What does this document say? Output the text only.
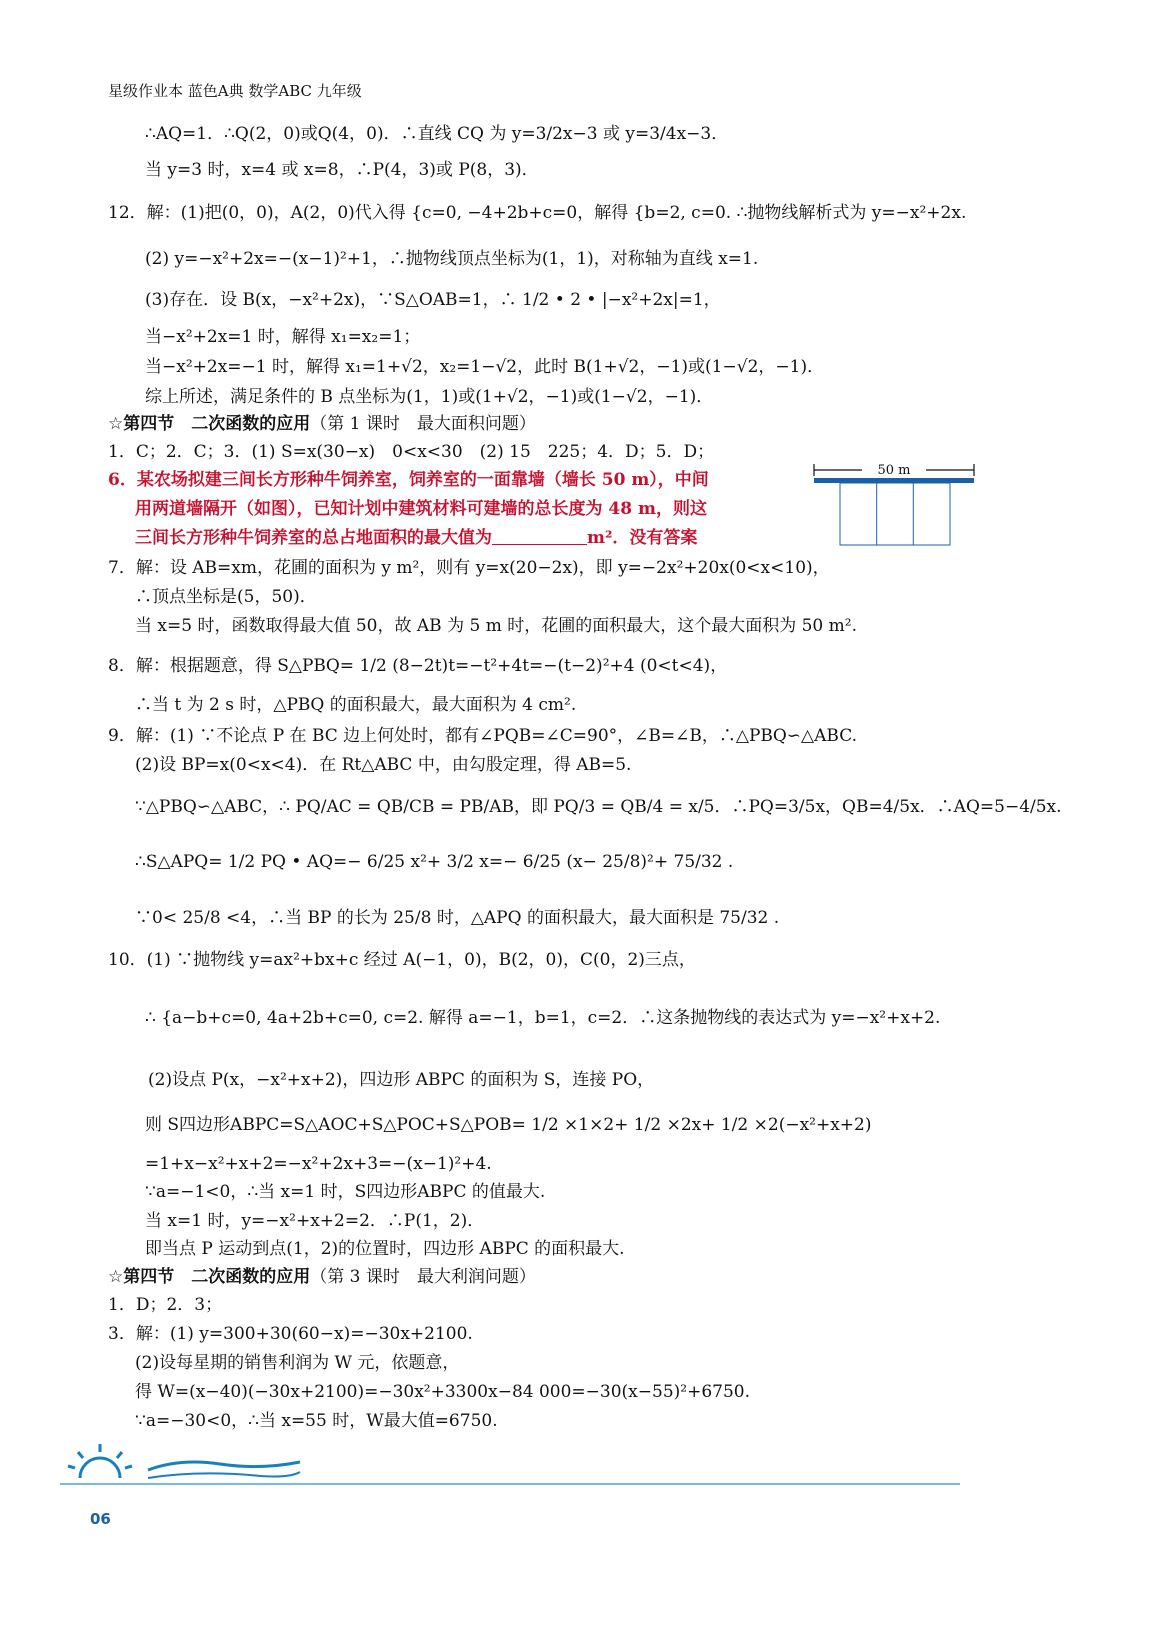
星级作业本 蓝色A典 数学ABC 九年级
∴AQ=1．∴Q(2，0)或Q(4，0)．∴直线 CQ 为 y=3/2x−3 或 y=3/4x−3．
当 y=3 时，x=4 或 x=8，∴P(4，3)或 P(8，3)．
12．解：(1)把(0，0)，A(2，0)代入得 {c=0, −4+2b+c=0，解得 {b=2, c=0. ∴抛物线解析式为 y=−x²+2x.
(2) y=−x²+2x=−(x−1)²+1，∴抛物线顶点坐标为(1，1)，对称轴为直线 x=1.
(3)存在．设 B(x，−x²+2x)，∵S△OAB=1，∴ 1/2 • 2 • |−x²+2x|=1，
当−x²+2x=1 时，解得 x₁=x₂=1；
当−x²+2x=−1 时，解得 x₁=1+√2，x₂=1−√2，此时 B(1+√2，−1)或(1−√2，−1)．
综上所述，满足条件的 B 点坐标为(1，1)或(1+√2，−1)或(1−√2，−1)．
☆第四节　二次函数的应用（第 1 课时　最大面积问题）
1．C；2．C；3．(1) S=x(30−x)　0<x<30　(2) 15　225；4．D；5．D；
6．某农场拟建三间长方形种牛饲养室，饲养室的一面靠墙（墙长 50 m），中间
用两道墙隔开（如图），已知计划中建筑材料可建墙的总长度为 48 m，则这
三间长方形种牛饲养室的总占地面积的最大值为	m²．没有答案
50 m
7．解：设 AB=xm，花圃的面积为 y m²，则有 y=x(20−2x)，即 y=−2x²+20x(0<x<10)，
∴顶点坐标是(5，50)．
当 x=5 时，函数取得最大值 50，故 AB 为 5 m 时，花圃的面积最大，这个最大面积为 50 m².
8．解：根据题意，得 S△PBQ= 1/2 (8−2t)t=−t²+4t=−(t−2)²+4 (0<t<4)，
∴当 t 为 2 s 时，△PBQ 的面积最大，最大面积为 4 cm².
9．解：(1) ∵不论点 P 在 BC 边上何处时，都有∠PQB=∠C=90°，∠B=∠B，∴△PBQ∽△ABC.
(2)设 BP=x(0<x<4)．在 Rt△ABC 中，由勾股定理，得 AB=5.
∵△PBQ∽△ABC，∴ PQ/AC = QB/CB = PB/AB，即 PQ/3 = QB/4 = x/5．∴PQ=3/5x，QB=4/5x．∴AQ=5−4/5x.
∴S△APQ= 1/2 PQ • AQ=− 6/25 x²+ 3/2 x=− 6/25 (x− 25/8)²+ 75/32 .
∵0< 25/8 <4，∴当 BP 的长为 25/8 时，△APQ 的面积最大，最大面积是 75/32 .
10．(1) ∵抛物线 y=ax²+bx+c 经过 A(−1，0)，B(2，0)，C(0，2)三点，
∴ {a−b+c=0, 4a+2b+c=0, c=2. 解得 a=−1，b=1，c=2．∴这条抛物线的表达式为 y=−x²+x+2.
(2)设点 P(x，−x²+x+2)，四边形 ABPC 的面积为 S，连接 PO，
则 S四边形ABPC=S△AOC+S△POC+S△POB= 1/2 ×1×2+ 1/2 ×2x+ 1/2 ×2(−x²+x+2)
=1+x−x²+x+2=−x²+2x+3=−(x−1)²+4.
∵a=−1<0，∴当 x=1 时，S四边形ABPC 的值最大.
当 x=1 时，y=−x²+x+2=2．∴P(1，2)．
即当点 P 运动到点(1，2)的位置时，四边形 ABPC 的面积最大.
☆第四节　二次函数的应用（第 3 课时　最大利润问题）
1．D；2．3；
3．解：(1) y=300+30(60−x)=−30x+2100.
(2)设每星期的销售利润为 W 元，依题意，
得 W=(x−40)(−30x+2100)=−30x²+3300x−84 000=−30(x−55)²+6750.
∵a=−30<0，∴当 x=55 时，W最大值=6750.
06
